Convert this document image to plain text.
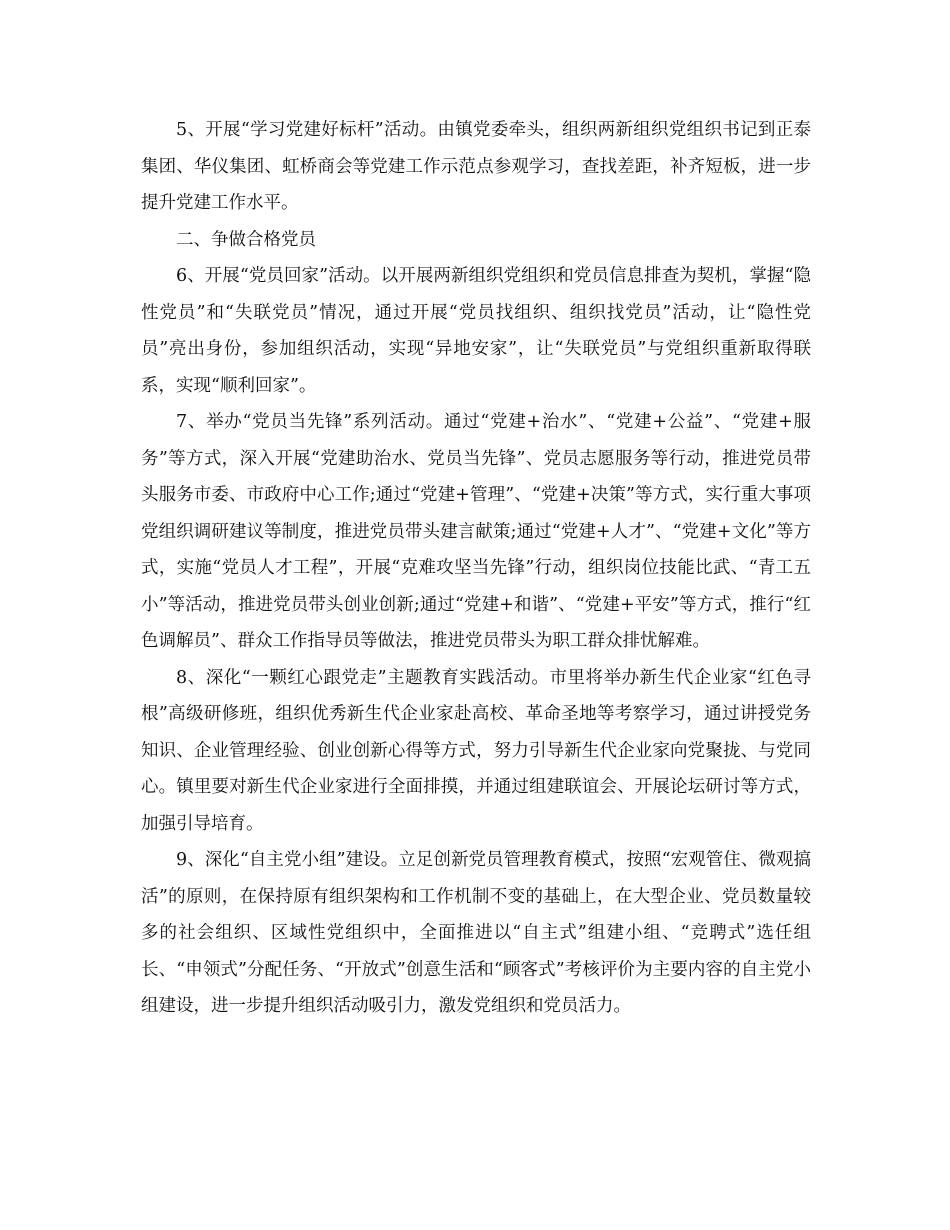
5、开展“学习党建好标杆”活动。由镇党委牵头，组织两新组织党组织书记到正泰集团、华仪集团、虹桥商会等党建工作示范点参观学习，查找差距，补齐短板，进一步提升党建工作水平。

二、争做合格党员

6、开展“党员回家”活动。以开展两新组织党组织和党员信息排查为契机，掌握“隐性党员”和“失联党员”情况，通过开展“党员找组织、组织找党员”活动，让“隐性党员”亮出身份，参加组织活动，实现“异地安家”，让“失联党员”与党组织重新取得联系，实现“顺利回家”。

7、举办“党员当先锋”系列活动。通过“党建+治水”、“党建+公益”、“党建+服务”等方式，深入开展“党建助治水、党员当先锋”、党员志愿服务等行动，推进党员带头服务市委、市政府中心工作;通过“党建+管理”、“党建+决策”等方式，实行重大事项党组织调研建议等制度，推进党员带头建言献策;通过“党建+人才”、“党建+文化”等方式，实施“党员人才工程”，开展“克难攻坚当先锋”行动，组织岗位技能比武、“青工五小”等活动，推进党员带头创业创新;通过“党建+和谐”、“党建+平安”等方式，推行“红色调解员”、群众工作指导员等做法，推进党员带头为职工群众排忧解难。

8、深化“一颗红心跟党走”主题教育实践活动。市里将举办新生代企业家“红色寻根”高级研修班，组织优秀新生代企业家赴高校、革命圣地等考察学习，通过讲授党务知识、企业管理经验、创业创新心得等方式，努力引导新生代企业家向党聚拢、与党同心。镇里要对新生代企业家进行全面排摸，并通过组建联谊会、开展论坛研讨等方式，加强引导培育。

9、深化“自主党小组”建设。立足创新党员管理教育模式，按照“宏观管住、微观搞活”的原则，在保持原有组织架构和工作机制不变的基础上，在大型企业、党员数量较多的社会组织、区域性党组织中，全面推进以“自主式”组建小组、“竞聘式”选任组长、“申领式”分配任务、“开放式”创意生活和“顾客式”考核评价为主要内容的自主党小组建设，进一步提升组织活动吸引力，激发党组织和党员活力。
